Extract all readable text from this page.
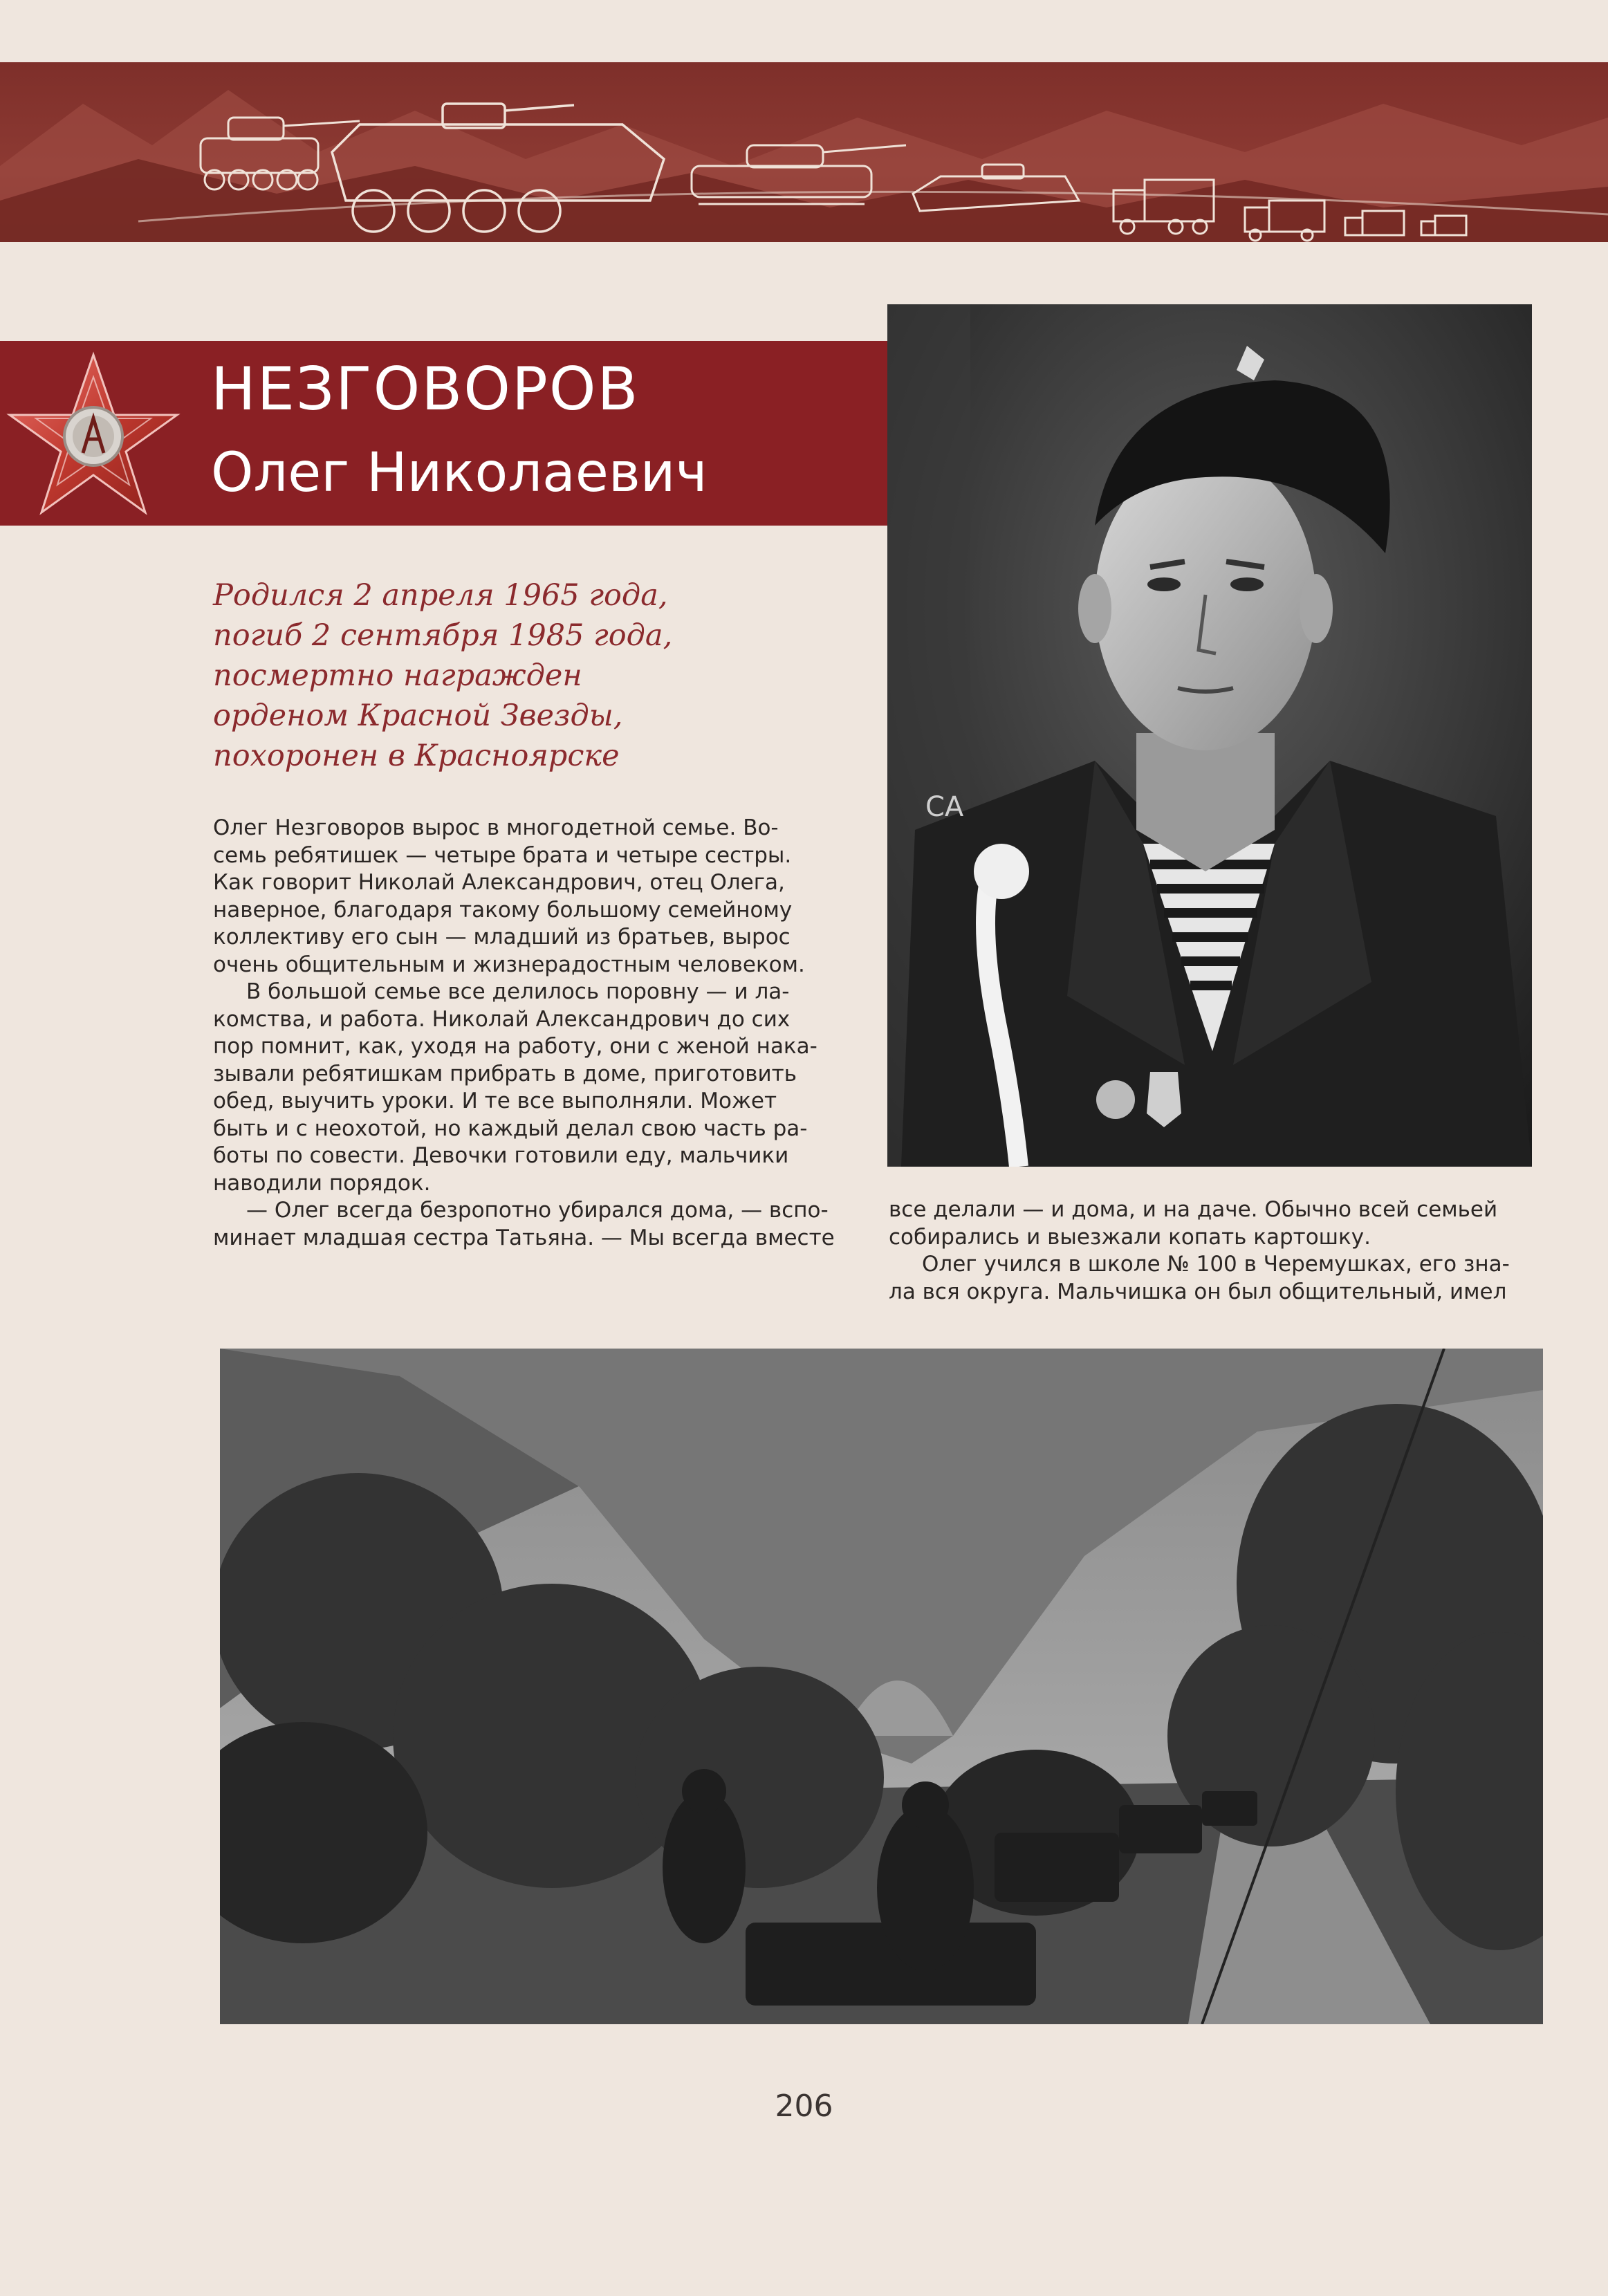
НЕЗГОВОРОВ
Олег Николаевич

Родился 2 апреля 1965 года,
погиб 2 сентября 1985 года,
посмертно награжден
орденом Красной Звезды,
похоронен в Красноярске

Олег Незговоров вырос в многодетной семье. Во-
семь ребятишек — четыре брата и четыре сестры.
Как говорит Николай Александрович, отец Олега,
наверное, благодаря такому большому семейному
коллективу его сын — младший из братьев, вырос
очень общительным и жизнерадостным человеком.
В большой семье все делилось поровну — и ла-
комства, и работа. Николай Александрович до сих
пор помнит, как, уходя на работу, они с женой нака-
зывали ребятишкам прибрать в доме, приготовить
обед, выучить уроки. И те все выполняли. Может
быть и с неохотой, но каждый делал свою часть ра-
боты по совести. Девочки готовили еду, мальчики
наводили порядок.
— Олег всегда безропотно убирался дома, — вспо-
минает младшая сестра Татьяна. — Мы всегда вместе

СА

все делали — и дома, и на даче. Обычно всей семьей
собирались и выезжали копать картошку.
Олег учился в школе № 100 в Черемушках, его зна-
ла вся округа. Мальчишка он был общительный, имел

206
